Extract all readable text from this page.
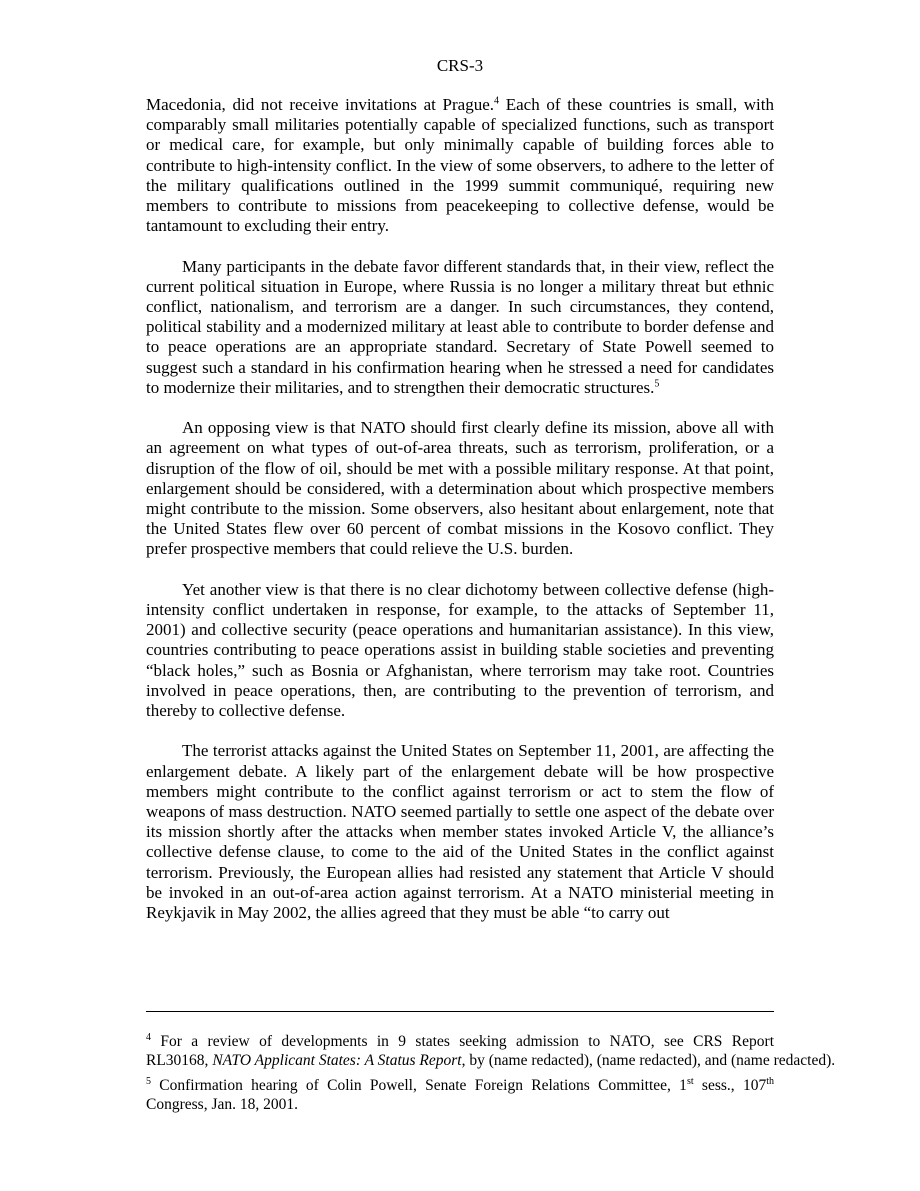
CRS-3

Macedonia, did not receive invitations at Prague.$^4$ Each of these countries is small, with comparably small militaries potentially capable of specialized functions, such as transport or medical care, for example, but only minimally capable of building forces able to contribute to high-intensity conflict. In the view of some observers, to adhere to the letter of the military qualifications outlined in the 1999 summit communiqué, requiring new members to contribute to missions from peacekeeping to collective defense, would be tantamount to excluding their entry.

Many participants in the debate favor different standards that, in their view, reflect the current political situation in Europe, where Russia is no longer a military threat but ethnic conflict, nationalism, and terrorism are a danger. In such circumstances, they contend, political stability and a modernized military at least able to contribute to border defense and to peace operations are an appropriate standard. Secretary of State Powell seemed to suggest such a standard in his confirmation hearing when he stressed a need for candidates to modernize their militaries, and to strengthen their democratic structures.$^5$

An opposing view is that NATO should first clearly define its mission, above all with an agreement on what types of out-of-area threats, such as terrorism, proliferation, or a disruption of the flow of oil, should be met with a possible military response. At that point, enlargement should be considered, with a determination about which prospective members might contribute to the mission. Some observers, also hesitant about enlargement, note that the United States flew over 60 percent of combat missions in the Kosovo conflict. They prefer prospective members that could relieve the U.S. burden.

Yet another view is that there is no clear dichotomy between collective defense (high-intensity conflict undertaken in response, for example, to the attacks of September 11, 2001) and collective security (peace operations and humanitarian assistance). In this view, countries contributing to peace operations assist in building stable societies and preventing “black holes,” such as Bosnia or Afghanistan, where terrorism may take root. Countries involved in peace operations, then, are contributing to the prevention of terrorism, and thereby to collective defense.

The terrorist attacks against the United States on September 11, 2001, are affecting the enlargement debate. A likely part of the enlargement debate will be how prospective members might contribute to the conflict against terrorism or act to stem the flow of weapons of mass destruction. NATO seemed partially to settle one aspect of the debate over its mission shortly after the attacks when member states invoked Article V, the alliance’s collective defense clause, to come to the aid of the United States in the conflict against terrorism. Previously, the European allies had resisted any statement that Article V should be invoked in an out-of-area action against terrorism. At a NATO ministerial meeting in Reykjavik in May 2002, the allies agreed that they must be able “to carry out

$^4$ For a review of developments in 9 states seeking admission to NATO, see CRS Report
RL30168, NATO Applicant States: A Status Report, by (name redacted), (name redacted), and (name redacted).

$^5$ Confirmation hearing of Colin Powell, Senate Foreign Relations Committee, 1st sess., 107th Congress, Jan. 18, 2001.
